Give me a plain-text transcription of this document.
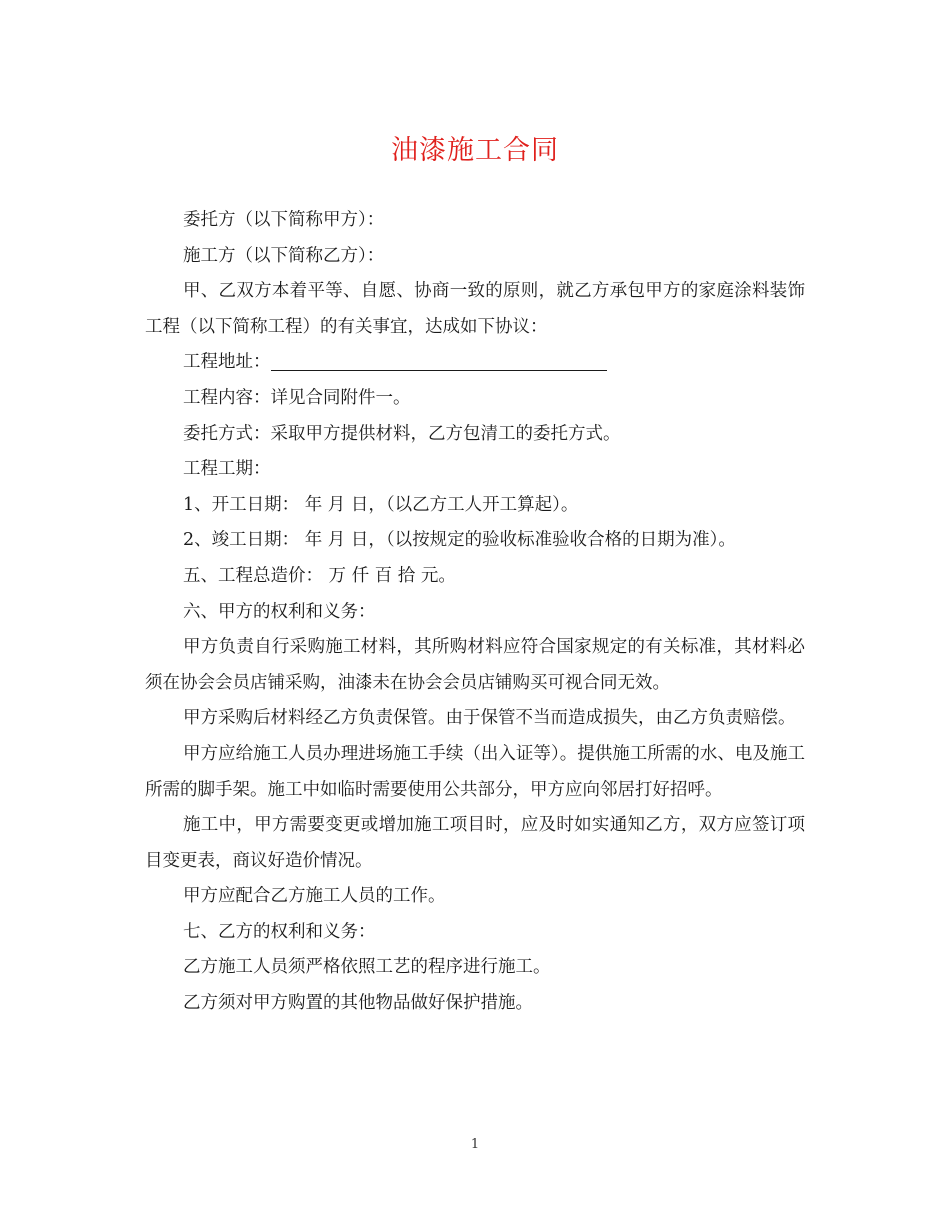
油漆施工合同

委托方（以下简称甲方）：

施工方（以下简称乙方）：

甲、乙双方本着平等、自愿、协商一致的原则，就乙方承包甲方的家庭涂料装饰工程（以下简称工程）的有关事宜，达成如下协议：

工程地址：

工程内容：详见合同附件一。

委托方式：采取甲方提供材料，乙方包清工的委托方式。

工程工期：

1、开工日期： 年 月 日，（以乙方工人开工算起）。

2、竣工日期： 年 月 日，（以按规定的验收标准验收合格的日期为准）。

五、工程总造价： 万 仟 百 拾 元。

六、甲方的权利和义务：

甲方负责自行采购施工材料，其所购材料应符合国家规定的有关标准，其材料必须在协会会员店铺采购，油漆未在协会会员店铺购买可视合同无效。

甲方采购后材料经乙方负责保管。由于保管不当而造成损失，由乙方负责赔偿。

甲方应给施工人员办理进场施工手续（出入证等）。提供施工所需的水、电及施工所需的脚手架。施工中如临时需要使用公共部分，甲方应向邻居打好招呼。

施工中，甲方需要变更或增加施工项目时，应及时如实通知乙方，双方应签订项目变更表，商议好造价情况。

甲方应配合乙方施工人员的工作。

七、乙方的权利和义务：

乙方施工人员须严格依照工艺的程序进行施工。

乙方须对甲方购置的其他物品做好保护措施。

1
